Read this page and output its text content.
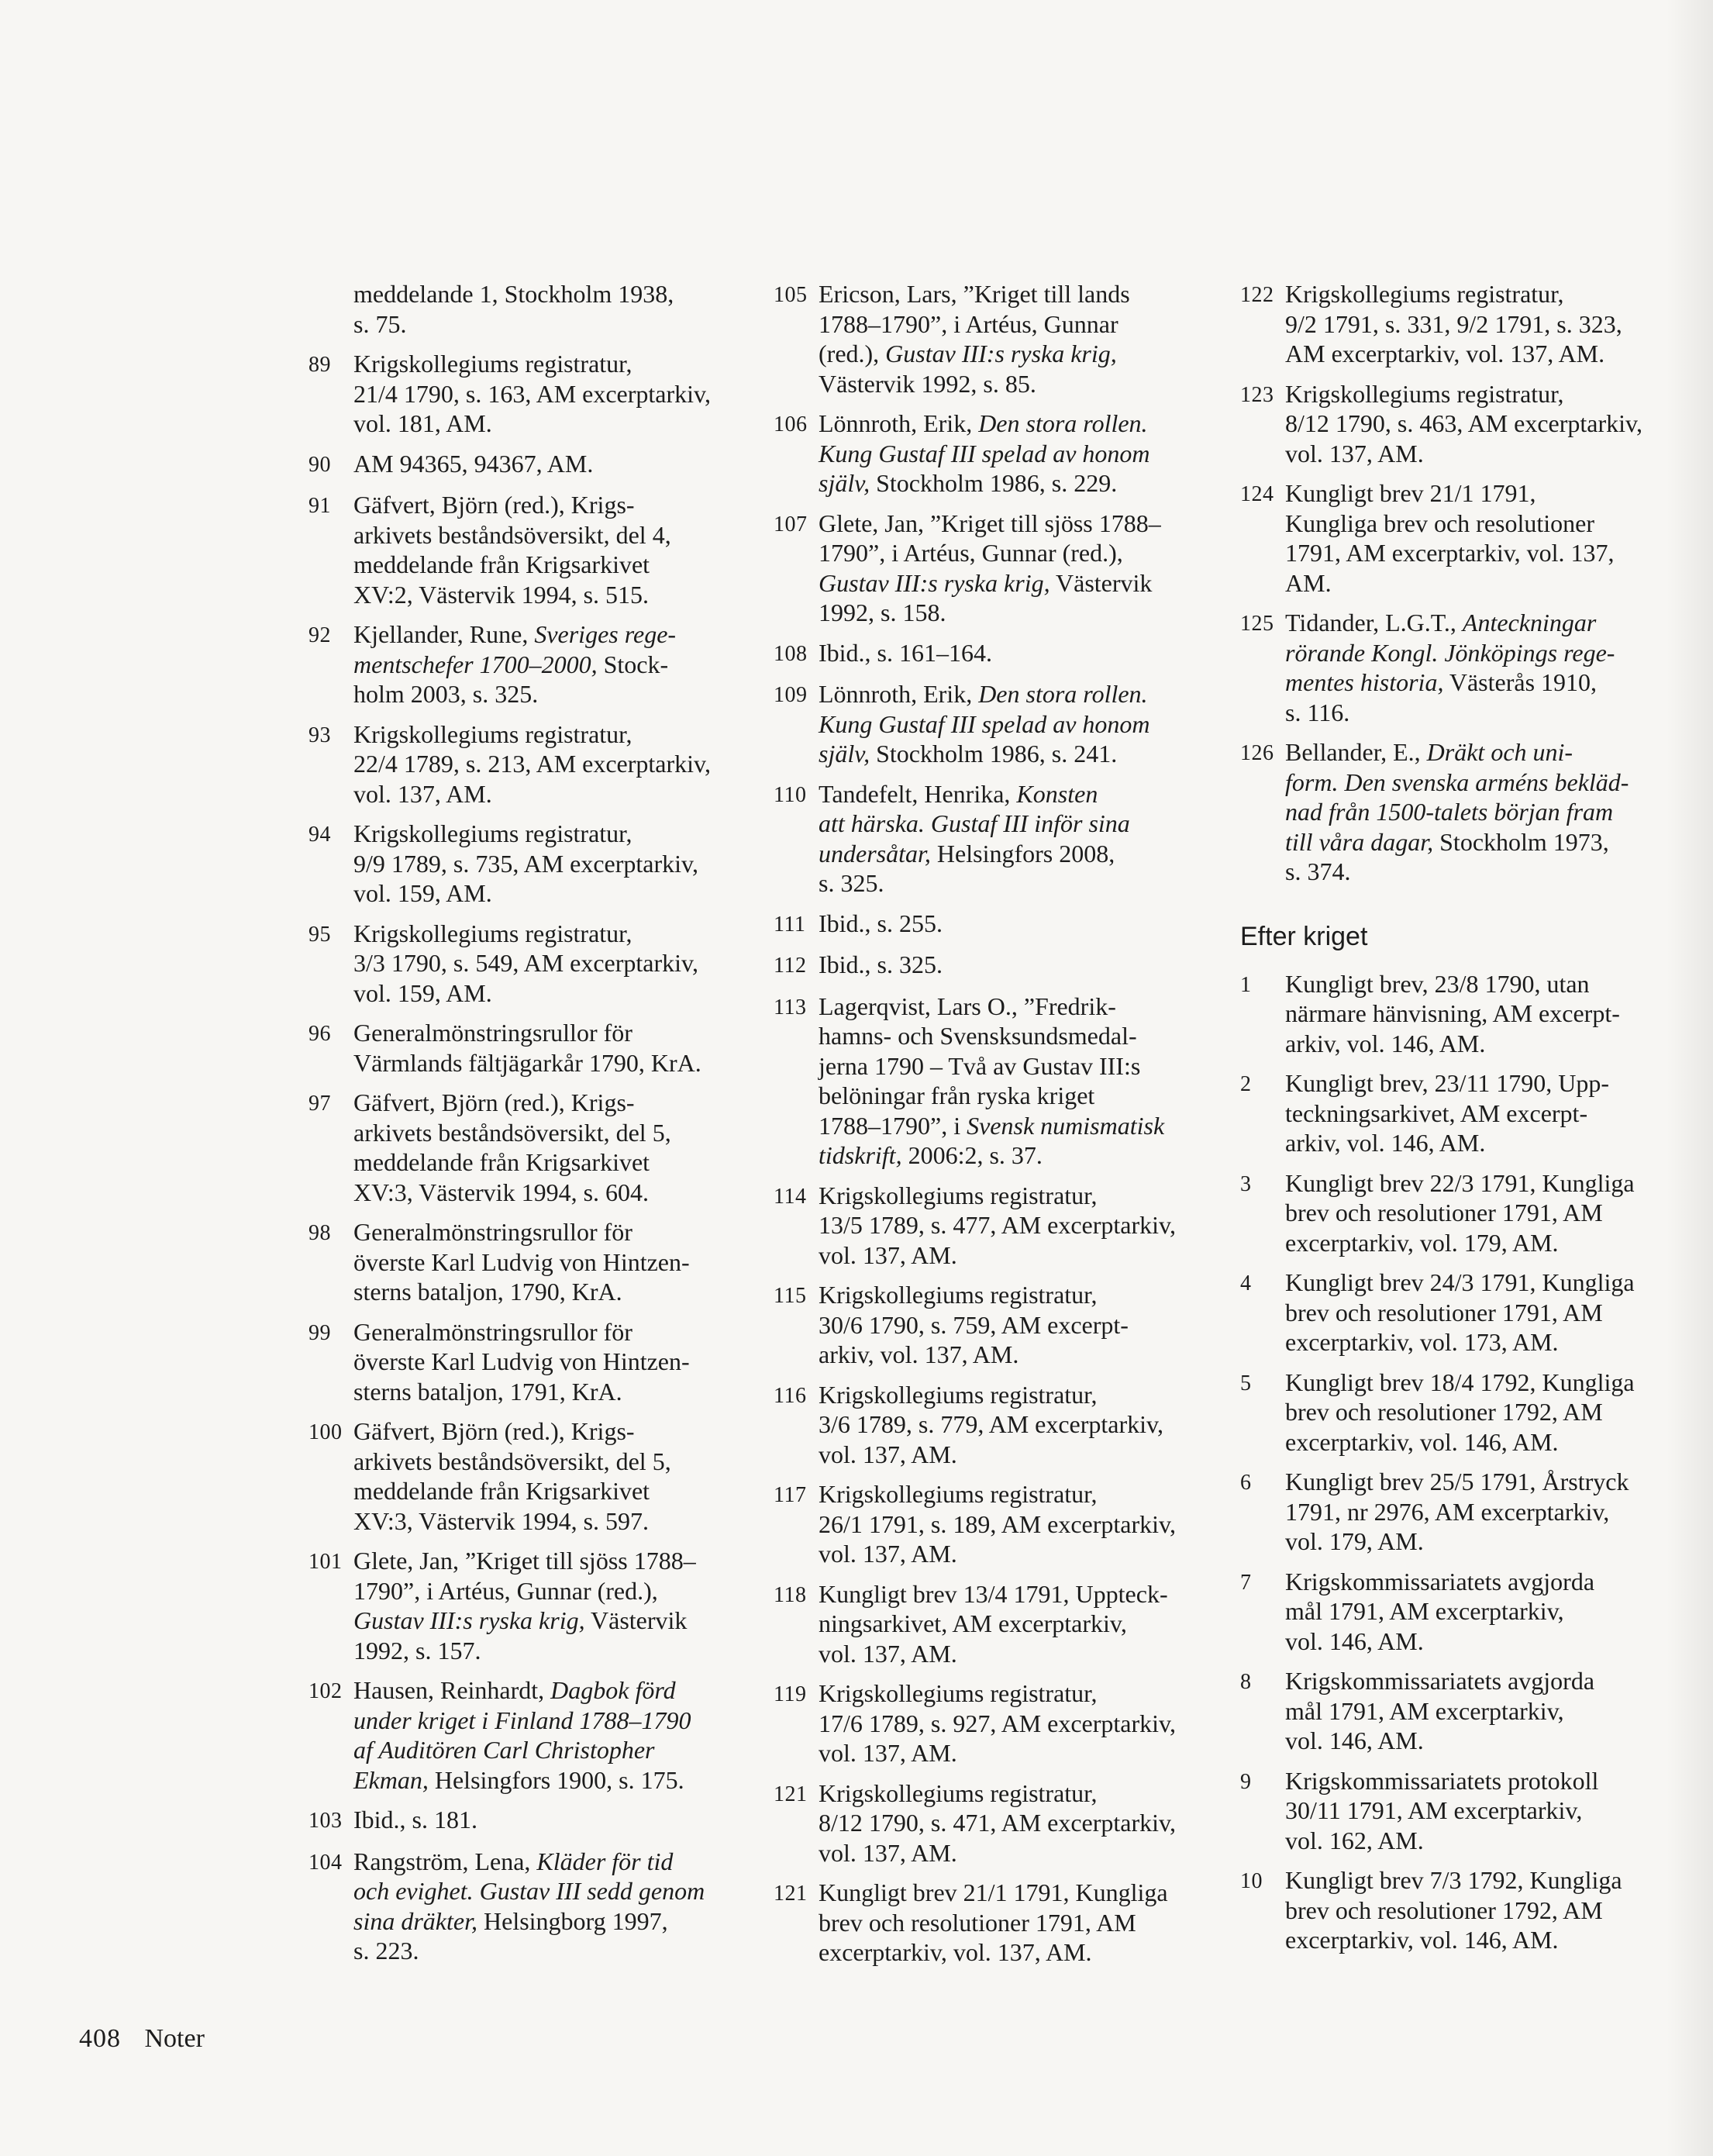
meddelande 1, Stockholm 1938,
s. 75.
89 Krigskollegiums registratur,
21/4 1790, s. 163, AM excerptarkiv,
vol. 181, AM.
90 AM 94365, 94367, AM.
91 Gäfvert, Björn (red.), Krigs-
arkivets beståndsöversikt, del 4,
meddelande från Krigsarkivet
XV:2, Västervik 1994, s. 515.
92 Kjellander, Rune, Sveriges rege-
mentschefer 1700–2000, Stock-
holm 2003, s. 325.
93 Krigskollegiums registratur,
22/4 1789, s. 213, AM excerptarkiv,
vol. 137, AM.
94 Krigskollegiums registratur,
9/9 1789, s. 735, AM excerptarkiv,
vol. 159, AM.
95 Krigskollegiums registratur,
3/3 1790, s. 549, AM excerptarkiv,
vol. 159, AM.
96 Generalmönstringsrullor för
Värmlands fältjägarkår 1790, KrA.
97 Gäfvert, Björn (red.), Krigs-
arkivets beståndsöversikt, del 5,
meddelande från Krigsarkivet
XV:3, Västervik 1994, s. 604.
98 Generalmönstringsrullor för
överste Karl Ludvig von Hintzen-
sterns bataljon, 1790, KrA.
99 Generalmönstringsrullor för
överste Karl Ludvig von Hintzen-
sterns bataljon, 1791, KrA.
100 Gäfvert, Björn (red.), Krigs-
arkivets beståndsöversikt, del 5,
meddelande från Krigsarkivet
XV:3, Västervik 1994, s. 597.
101 Glete, Jan, ”Kriget till sjöss 1788–
1790”, i Artéus, Gunnar (red.),
Gustav III:s ryska krig, Västervik
1992, s. 157.
102 Hausen, Reinhardt, Dagbok förd
under kriget i Finland 1788–1790
af Auditören Carl Christopher
Ekman, Helsingfors 1900, s. 175.
103 Ibid., s. 181.
104 Rangström, Lena, Kläder för tid
och evighet. Gustav III sedd genom
sina dräkter, Helsingborg 1997,
s. 223.
105 Ericson, Lars, ”Kriget till lands
1788–1790”, i Artéus, Gunnar
(red.), Gustav III:s ryska krig,
Västervik 1992, s. 85.
106 Lönnroth, Erik, Den stora rollen.
Kung Gustaf III spelad av honom
själv, Stockholm 1986, s. 229.
107 Glete, Jan, ”Kriget till sjöss 1788–
1790”, i Artéus, Gunnar (red.),
Gustav III:s ryska krig, Västervik
1992, s. 158.
108 Ibid., s. 161–164.
109 Lönnroth, Erik, Den stora rollen.
Kung Gustaf III spelad av honom
själv, Stockholm 1986, s. 241.
110 Tandefelt, Henrika, Konsten
att härska. Gustaf III inför sina
undersåtar, Helsingfors 2008,
s. 325.
111 Ibid., s. 255.
112 Ibid., s. 325.
113 Lagerqvist, Lars O., ”Fredrik-
hamns- och Svensksundsmedal-
jerna 1790 – Två av Gustav III:s
belöningar från ryska kriget
1788–1790”, i Svensk numismatisk
tidskrift, 2006:2, s. 37.
114 Krigskollegiums registratur,
13/5 1789, s. 477, AM excerptarkiv,
vol. 137, AM.
115 Krigskollegiums registratur,
30/6 1790, s. 759, AM excerpt-
arkiv, vol. 137, AM.
116 Krigskollegiums registratur,
3/6 1789, s. 779, AM excerptarkiv,
vol. 137, AM.
117 Krigskollegiums registratur,
26/1 1791, s. 189, AM excerptarkiv,
vol. 137, AM.
118 Kungligt brev 13/4 1791, Uppteck-
ningsarkivet, AM excerptarkiv,
vol. 137, AM.
119 Krigskollegiums registratur,
17/6 1789, s. 927, AM excerptarkiv,
vol. 137, AM.
121 Krigskollegiums registratur,
8/12 1790, s. 471, AM excerptarkiv,
vol. 137, AM.
121 Kungligt brev 21/1 1791, Kungliga
brev och resolutioner 1791, AM
excerptarkiv, vol. 137, AM.
122 Krigskollegiums registratur,
9/2 1791, s. 331, 9/2 1791, s. 323,
AM excerptarkiv, vol. 137, AM.
123 Krigskollegiums registratur,
8/12 1790, s. 463, AM excerptarkiv,
vol. 137, AM.
124 Kungligt brev 21/1 1791,
Kungliga brev och resolutioner
1791, AM excerptarkiv, vol. 137,
AM.
125 Tidander, L.G.T., Anteckningar
rörande Kongl. Jönköpings rege-
mentes historia, Västerås 1910,
s. 116.
126 Bellander, E., Dräkt och uni-
form. Den svenska arméns bekläd-
nad från 1500-talets början fram
till våra dagar, Stockholm 1973,
s. 374.
Efter kriget
1	Kungligt brev, 23/8 1790, utan
närmare hänvisning, AM excerpt-
arkiv, vol. 146, AM.
2	Kungligt brev, 23/11 1790, Upp-
teckningsarkivet, AM excerpt-
arkiv, vol. 146, AM.
3	Kungligt brev 22/3 1791, Kungliga
brev och resolutioner 1791, AM
excerptarkiv, vol. 179, AM.
4	Kungligt brev 24/3 1791, Kungliga
brev och resolutioner 1791, AM
excerptarkiv, vol. 173, AM.
5	Kungligt brev 18/4 1792, Kungliga
brev och resolutioner 1792, AM
excerptarkiv, vol. 146, AM.
6	Kungligt brev 25/5 1791, Årstryck
1791, nr 2976, AM excerptarkiv,
vol. 179, AM.
7	Krigskommissariatets avgjorda
mål 1791, AM excerptarkiv,
vol. 146, AM.
8	Krigskommissariatets avgjorda
mål 1791, AM excerptarkiv,
vol. 146, AM.
9	Krigskommissariatets protokoll
30/11 1791, AM excerptarkiv,
vol. 162, AM.
10 Kungligt brev 7/3 1792, Kungliga
brev och resolutioner 1792, AM
excerptarkiv, vol. 146, AM.
408 Noter
